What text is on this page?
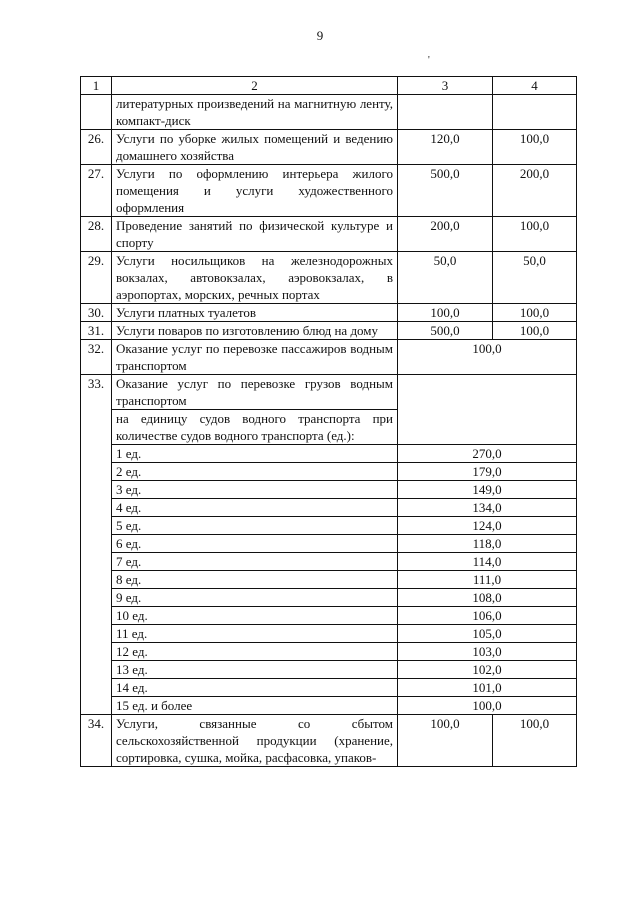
9
'
1	2	3	4
	литературных произведений на магнитную ленту, компакт-диск		
26.	Услуги по уборке жилых помещений и ведению домашнего хозяйства	120,0	100,0
27.	Услуги по оформлению интерьера жилого помещения и услуги художественного оформления	500,0	200,0
28.	Проведение занятий по физической культуре и спорту	200,0	100,0
29.	Услуги носильщиков на железнодорожных вокзалах, автовокзалах, аэровокзалах, в аэропортах, морских, речных портах	50,0	50,0
30.	Услуги платных туалетов	100,0	100,0
31.	Услуги поваров по изготовлению блюд на дому	500,0	100,0
32.	Оказание услуг по перевозке пассажиров водным транспортом	100,0	
33.	Оказание услуг по перевозке грузов водным транспортом		
	на единицу судов водного транспорта при количестве судов водного транспорта (ед.):		
	1 ед.	270,0	
	2 ед.	179,0	
	3 ед.	149,0	
	4 ед.	134,0	
	5 ед.	124,0	
	6 ед.	118,0	
	7 ед.	114,0	
	8 ед.	111,0	
	9 ед.	108,0	
	10 ед.	106,0	
	11 ед.	105,0	
	12 ед.	103,0	
	13 ед.	102,0	
	14 ед.	101,0	
	15 ед. и более	100,0	
34.	Услуги, связанные со сбытом сельскохозяйственной продукции (хранение, сортировка, сушка, мойка, расфасовка, упаков-	100,0	100,0
